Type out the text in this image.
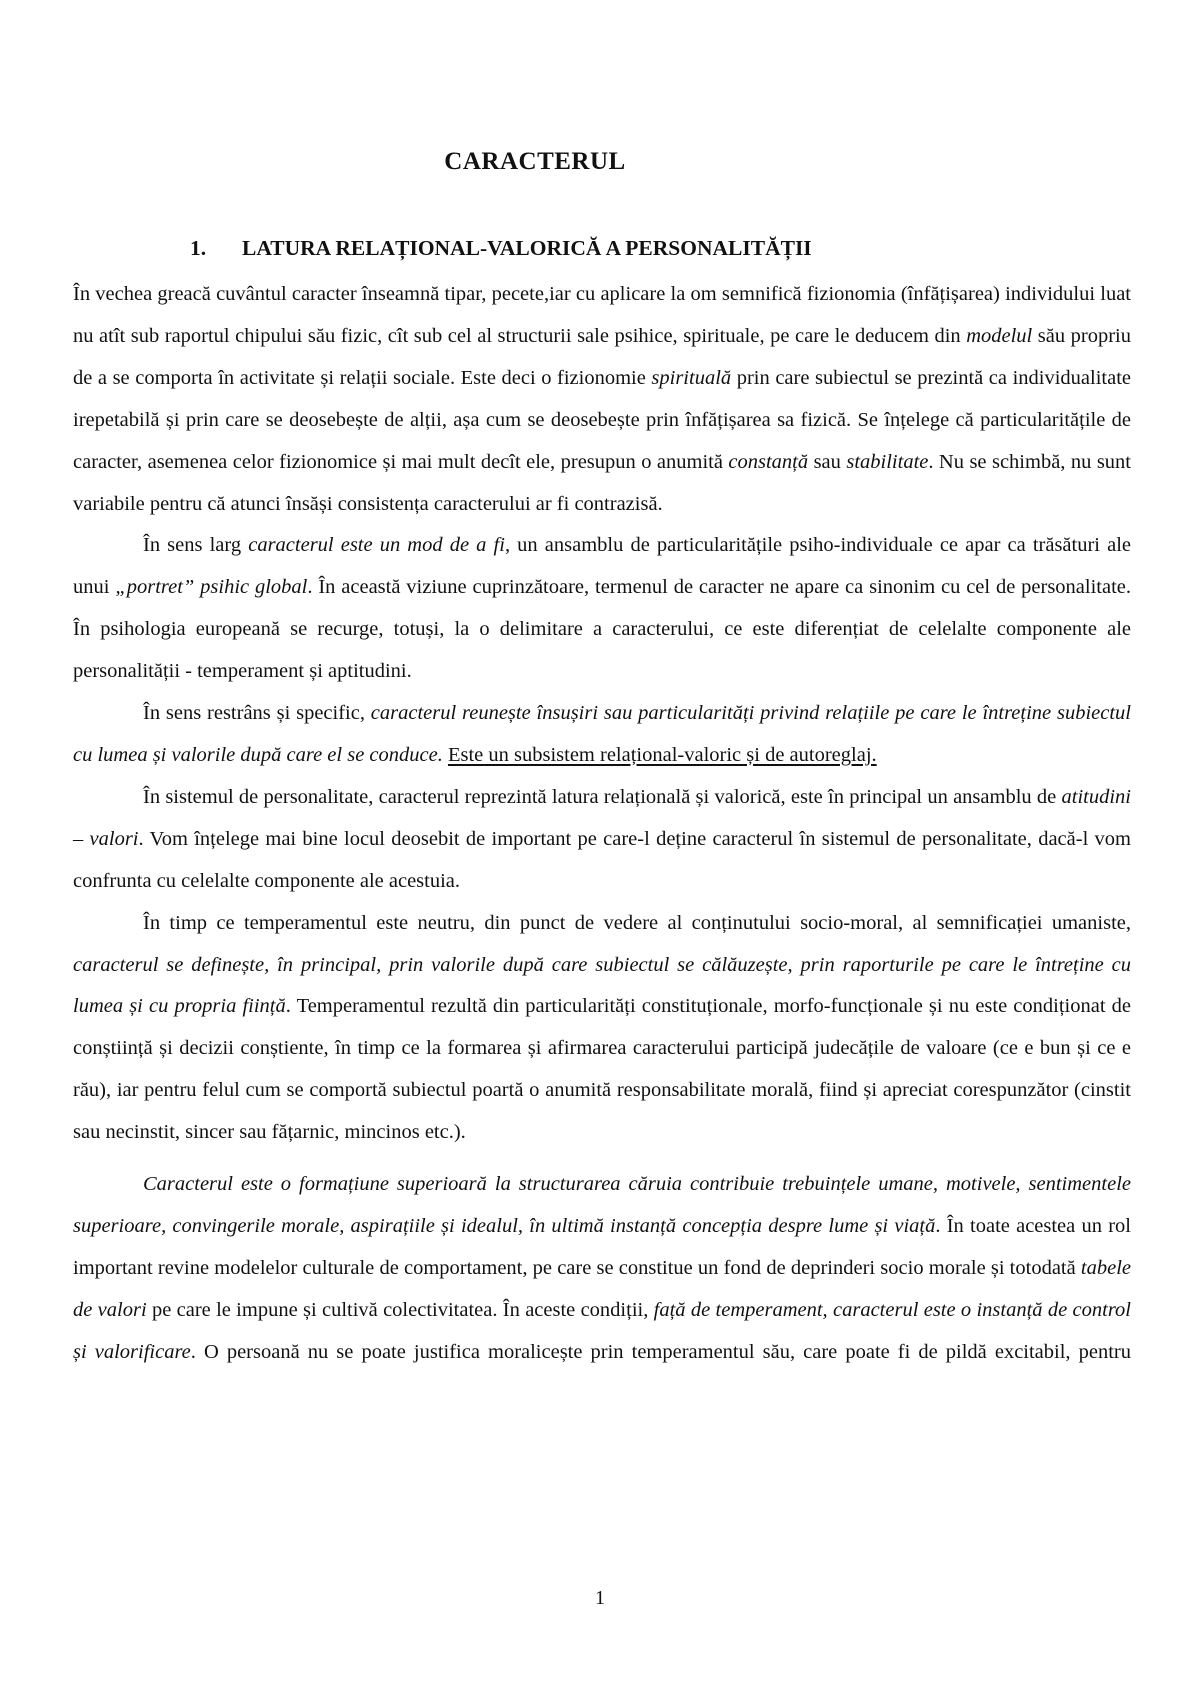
CARACTERUL
1. LATURA RELAȚIONAL-VALORICĂ A PERSONALITĂȚII

În vechea greacă cuvântul caracter înseamnă tipar, pecete,iar cu aplicare la om semnifică fizionomia (înfățișarea) individului luat nu atît sub raportul chipului său fizic, cît sub cel al structurii sale psihice, spirituale, pe care le deducem din modelul său propriu de a se comporta în activitate și relații sociale. Este deci o fizionomie spirituală prin care subiectul se prezintă ca individualitate irepetabilă și prin care se deosebește de alții, așa cum se deosebește prin înfățișarea sa fizică. Se înțelege că particularitățile de caracter, asemenea celor fizionomice și mai mult decît ele, presupun o anumită constanță sau stabilitate. Nu se schimbă, nu sunt variabile pentru că atunci însăși consistența caracterului ar fi contrazisă.

În sens larg caracterul este un mod de a fi, un ansamblu de particularitățile psiho-individuale ce apar ca trăsături ale unui „portret” psihic global. În această viziune cuprinzătoare, termenul de caracter ne apare ca sinonim cu cel de personalitate. În psihologia europeană se recurge, totuși, la o delimitare a caracterului, ce este diferențiat de celelalte componente ale personalității - temperament și aptitudini.

În sens restrâns și specific, caracterul reunește însușiri sau particularități privind relațiile pe care le întreține subiectul cu lumea și valorile după care el se conduce. Este un subsistem relațional-valoric și de autoreglaj.

În sistemul de personalitate, caracterul reprezintă latura relațională și valorică, este în principal un ansamblu de atitudini – valori. Vom înțelege mai bine locul deosebit de important pe care-l deține caracterul în sistemul de personalitate, dacă-l vom confrunta cu celelalte componente ale acestuia.

În timp ce temperamentul este neutru, din punct de vedere al conținutului socio-moral, al semnificației umaniste, caracterul se definește, în principal, prin valorile după care subiectul se călăuzește, prin raporturile pe care le întreține cu lumea și cu propria ființă. Temperamentul rezultă din particularități constituționale, morfo-funcționale și nu este condiționat de conștiință și decizii conștiente, în timp ce la formarea și afirmarea caracterului participă judecățile de valoare (ce e bun și ce e rău), iar pentru felul cum se comportă subiectul poartă o anumită responsabilitate morală, fiind și apreciat corespunzător (cinstit sau necinstit, sincer sau fățarnic, mincinos etc.).

Caracterul este o formațiune superioară la structurarea căruia contribuie trebuințele umane, motivele, sentimentele superioare, convingerile morale, aspirațiile și idealul, în ultimă instanță concepția despre lume și viață. În toate acestea un rol important revine modelelor culturale de comportament, pe care se constitue un fond de deprinderi socio morale și totodată tabele de valori pe care le impune și cultivă colectivitatea. În aceste condiții, față de temperament, caracterul este o instanță de control și valorificare. O persoană nu se poate justifica moralicește prin temperamentul său, care poate fi de pildă excitabil, pentru

1
